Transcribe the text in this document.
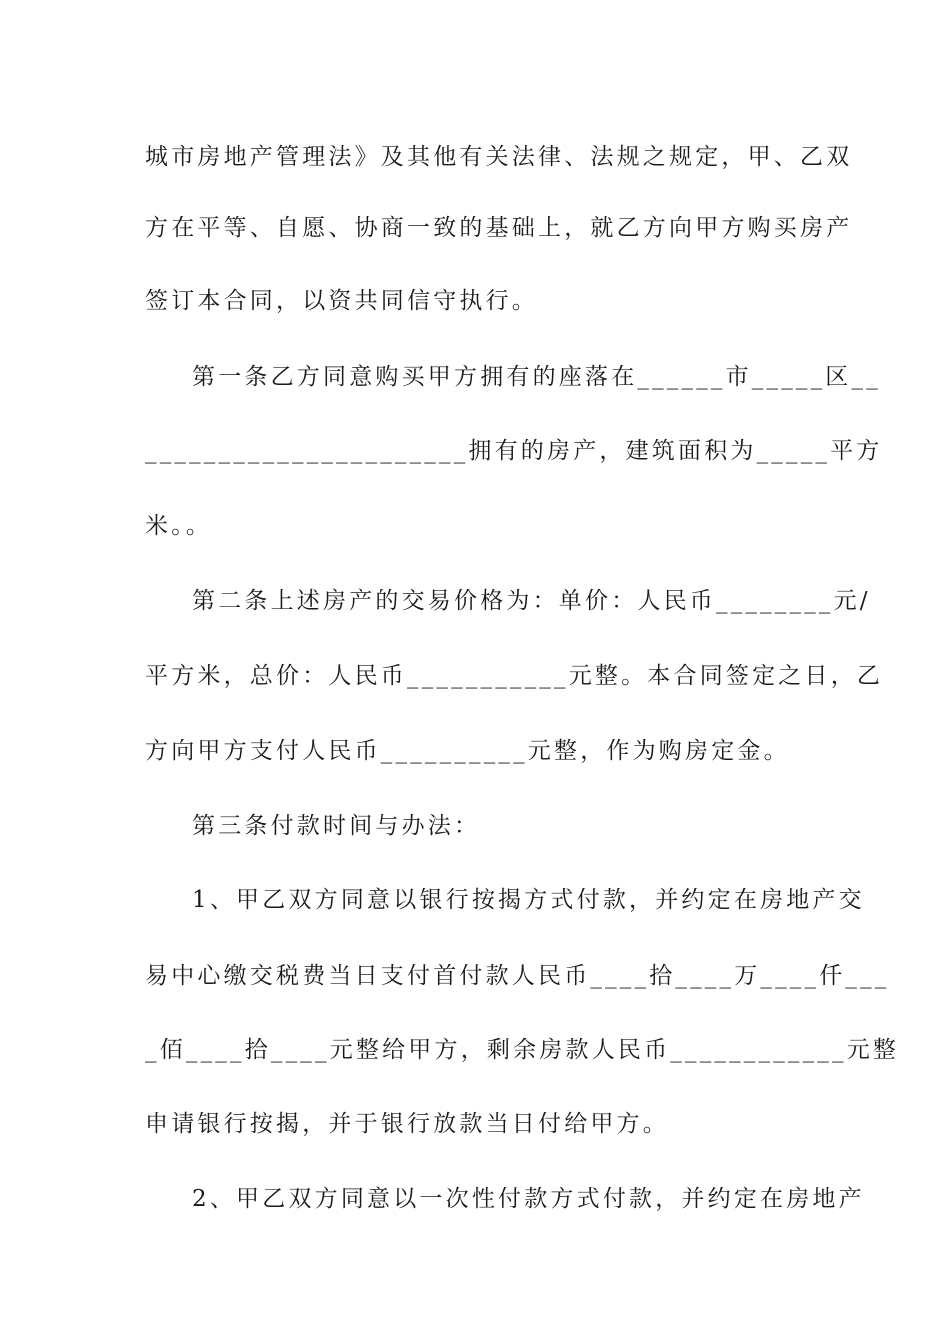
城市房地产管理法》及其他有关法律、法规之规定，甲、乙双
方在平等、自愿、协商一致的基础上，就乙方向甲方购买房产
签订本合同，以资共同信守执行。
第一条乙方同意购买甲方拥有的座落在______市_____区__
______________________拥有的房产，建筑面积为_____平方
米。。
第二条上述房产的交易价格为：单价：人民币________元/
平方米，总价：人民币___________元整。本合同签定之日，乙
方向甲方支付人民币__________元整，作为购房定金。
第三条付款时间与办法：
1、甲乙双方同意以银行按揭方式付款，并约定在房地产交
易中心缴交税费当日支付首付款人民币____拾____万____仟___
_佰____拾____元整给甲方，剩余房款人民币____________元整
申请银行按揭，并于银行放款当日付给甲方。
2、甲乙双方同意以一次性付款方式付款，并约定在房地产
